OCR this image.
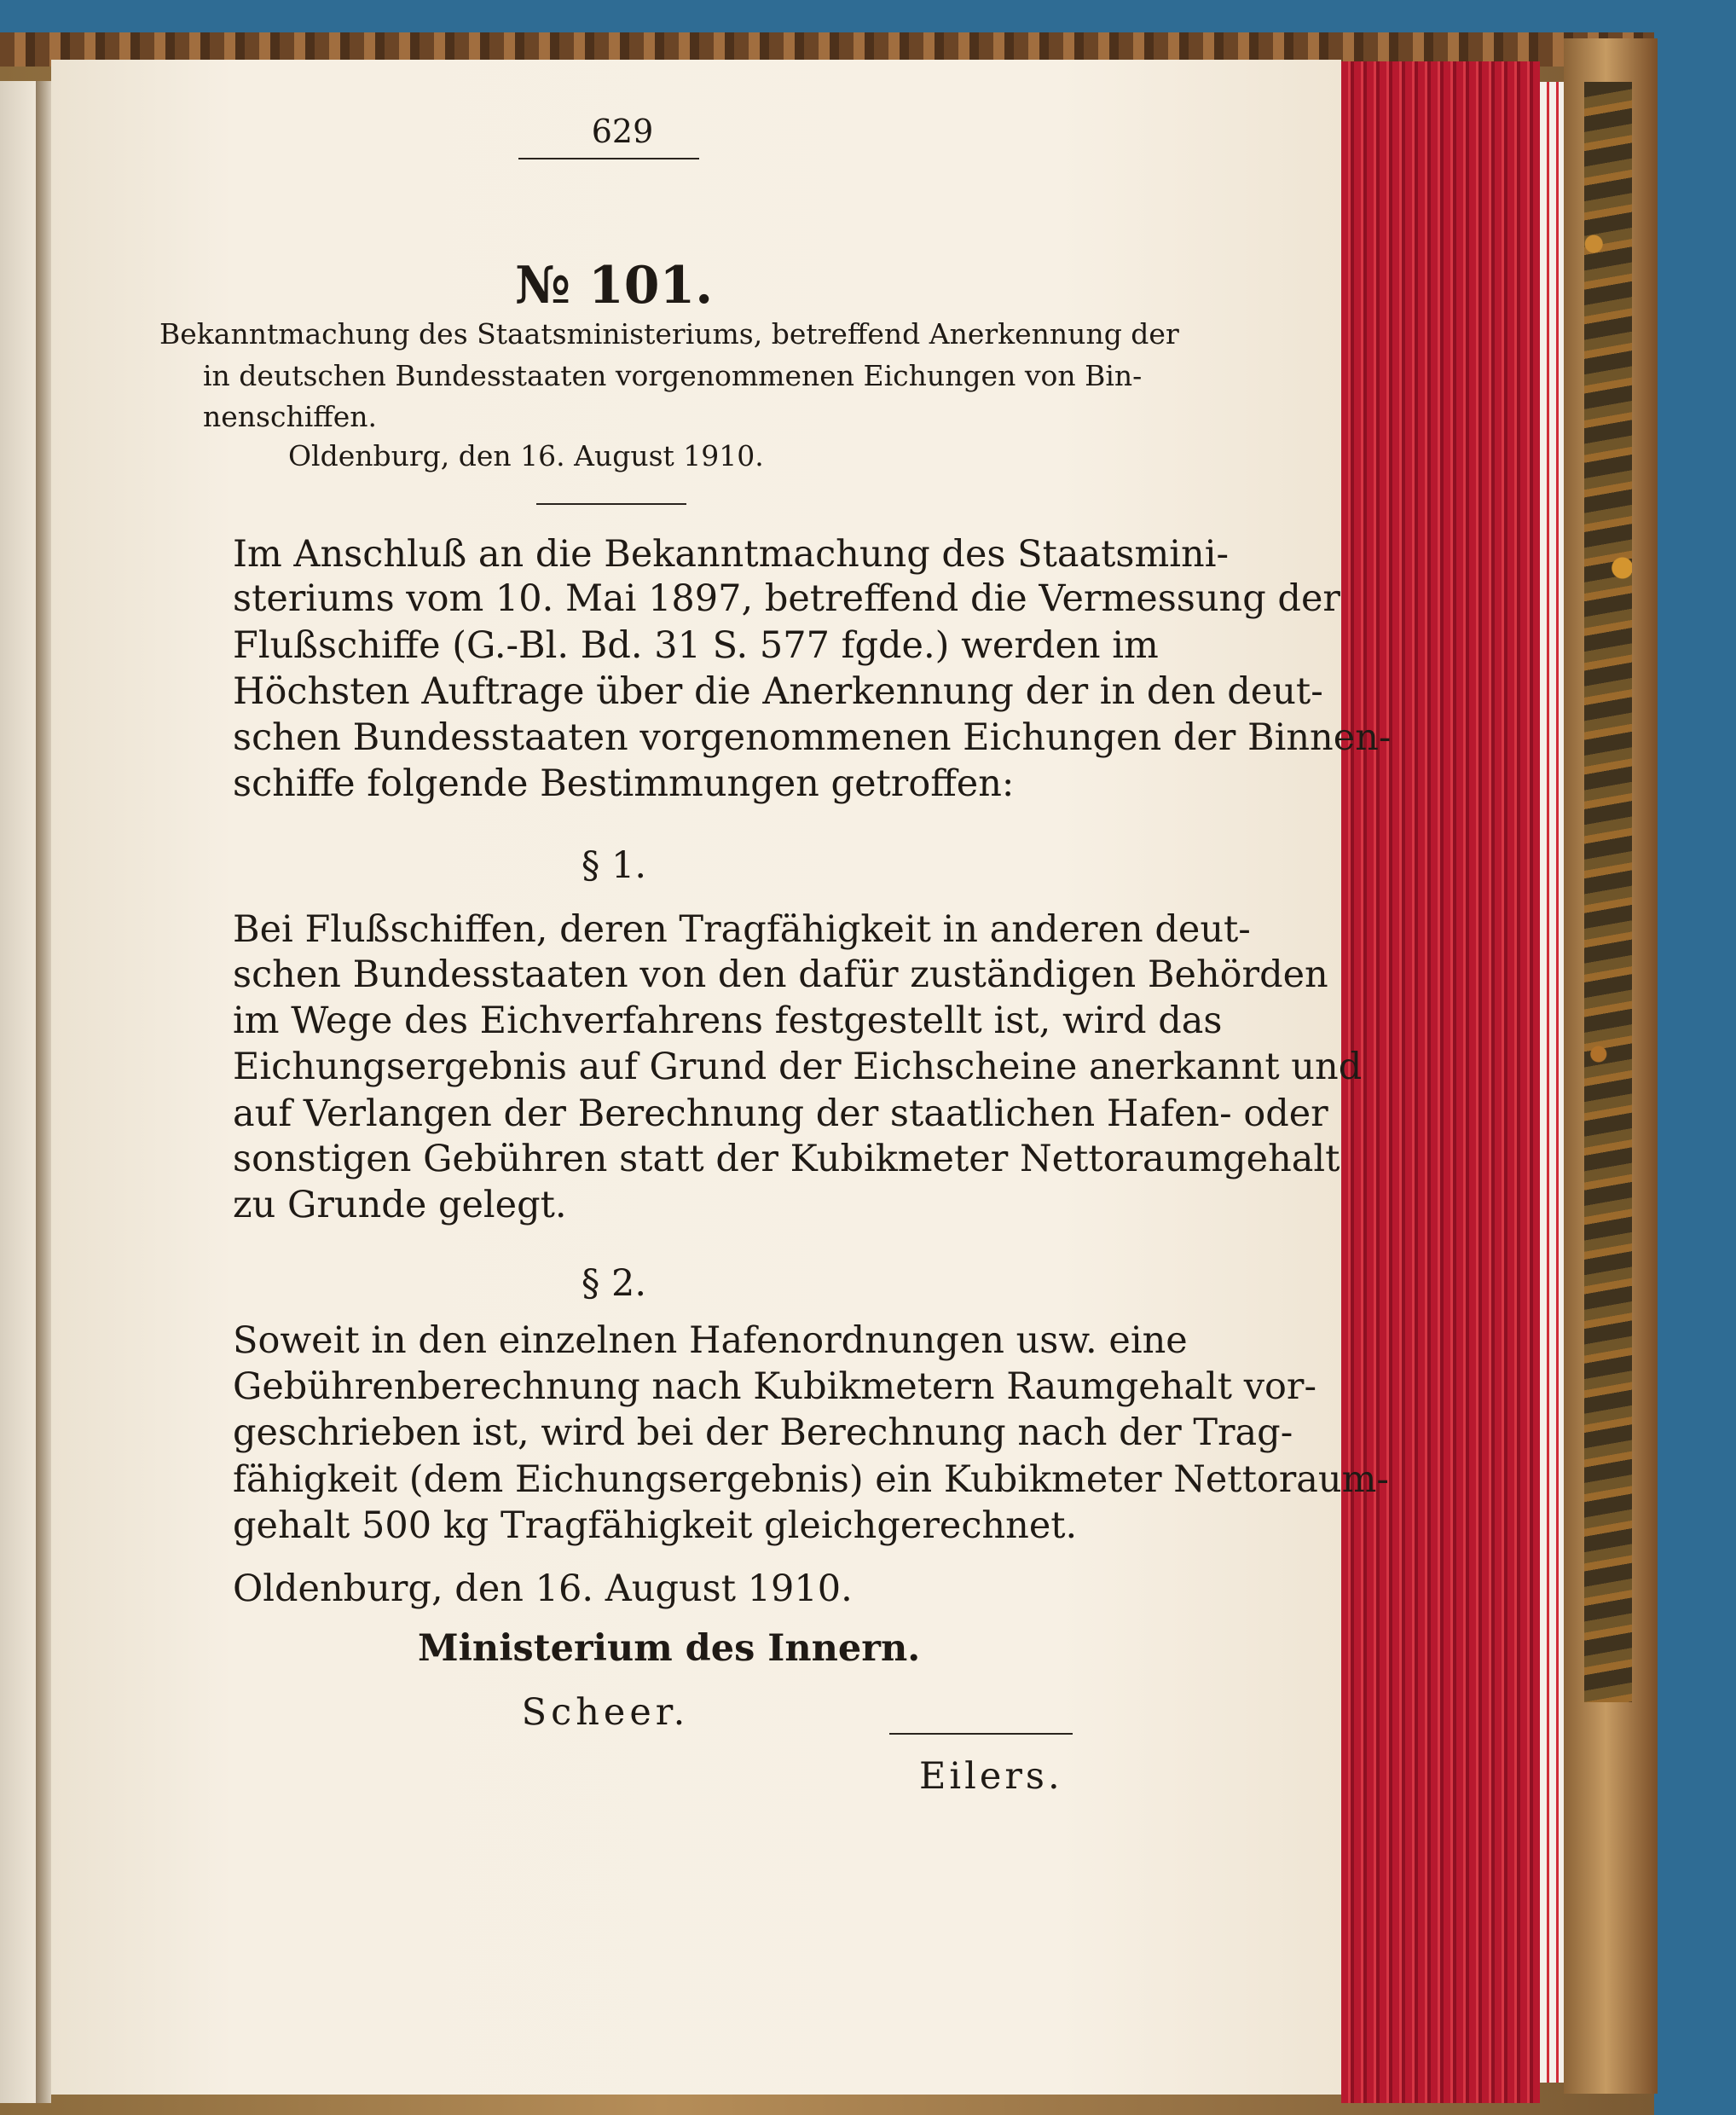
629
№ 101.
Bekanntmachung des Staatsministeriums, betreffend Anerkennung der
in deutschen Bundesstaaten vorgenommenen Eichungen von Bin-
nenschiffen.
Oldenburg, den 16. August 1910.
Im Anschluß an die Bekanntmachung des Staatsmini-
steriums vom 10. Mai 1897, betreffend die Vermessung der
Flußschiffe (G.-Bl. Bd. 31 S. 577 fgde.) werden im
Höchsten Auftrage über die Anerkennung der in den deut-
schen Bundesstaaten vorgenommenen Eichungen der Binnen-
schiffe folgende Bestimmungen getroffen:
§ 1.
Bei Flußschiffen, deren Tragfähigkeit in anderen deut-
schen Bundesstaaten von den dafür zuständigen Behörden
im Wege des Eichverfahrens festgestellt ist, wird das
Eichungsergebnis auf Grund der Eichscheine anerkannt und
auf Verlangen der Berechnung der staatlichen Hafen- oder
sonstigen Gebühren statt der Kubikmeter Nettoraumgehalt
zu Grunde gelegt.
§ 2.
Soweit in den einzelnen Hafenordnungen usw. eine
Gebührenberechnung nach Kubikmetern Raumgehalt vor-
geschrieben ist, wird bei der Berechnung nach der Trag-
fähigkeit (dem Eichungsergebnis) ein Kubikmeter Nettoraum-
gehalt 500 kg Tragfähigkeit gleichgerechnet.
Oldenburg, den 16. August 1910.
Ministerium des Innern.
Scheer.
Eilers.
